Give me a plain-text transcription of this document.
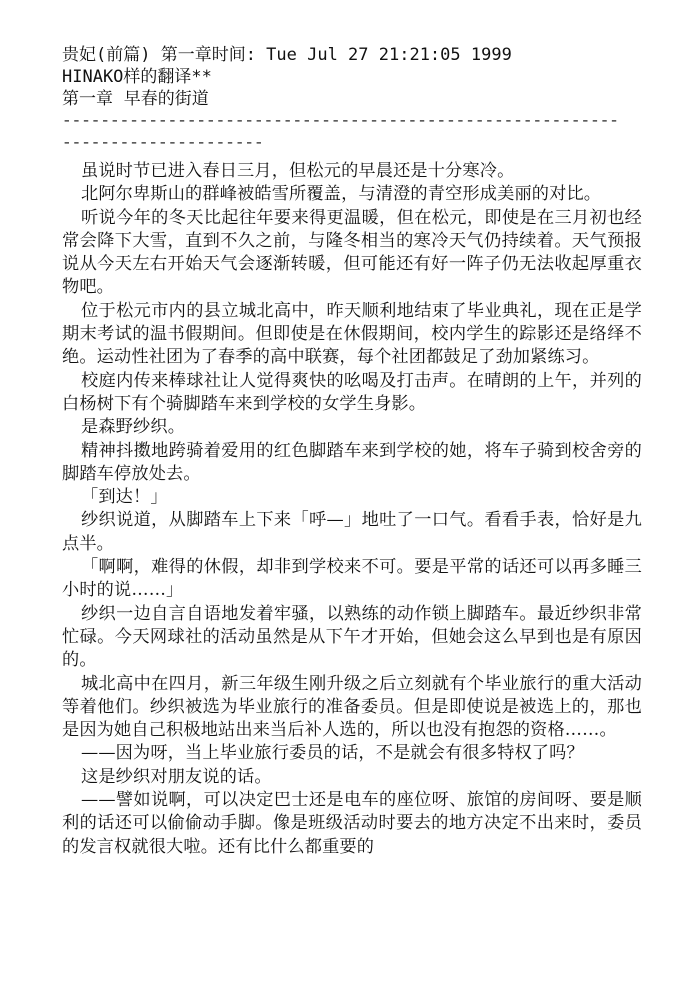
贵妃(前篇) 第一章时间: Tue Jul 27 21:21:05 1999
HINAKO样的翻译**
第一章  早春的街道
----------------------------------------------------------
---------------------

虽说时节已进入春日三月，但松元的早晨还是十分寒冷。

北阿尔卑斯山的群峰被皓雪所覆盖，与清澄的青空形成美丽的对比。

听说今年的冬天比起往年要来得更温暖，但在松元，即使是在三月初也经常会降下大雪，直到不久之前，与隆冬相当的寒冷天气仍持续着。天气预报说从今天左右开始天气会逐渐转暖，但可能还有好一阵子仍无法收起厚重衣物吧。

位于松元市内的县立城北高中，昨天顺利地结束了毕业典礼，现在正是学期末考试的温书假期间。但即使是在休假期间，校内学生的踪影还是络绎不绝。运动性社团为了春季的高中联赛，每个社团都鼓足了劲加紧练习。

校庭内传来棒球社让人觉得爽快的吆喝及打击声。在晴朗的上午，并列的白杨树下有个骑脚踏车来到学校的女学生身影。

是森野纱织。

精神抖擞地跨骑着爱用的红色脚踏车来到学校的她，将车子骑到校舍旁的脚踏车停放处去。

「到达！」

纱织说道，从脚踏车上下来「呼—」地吐了一口气。看看手表，恰好是九点半。

「啊啊，难得的休假，却非到学校来不可。要是平常的话还可以再多睡三小时的说……」

纱织一边自言自语地发着牢骚，以熟练的动作锁上脚踏车。最近纱织非常忙碌。今天网球社的活动虽然是从下午才开始，但她会这么早到也是有原因的。

城北高中在四月，新三年级生刚升级之后立刻就有个毕业旅行的重大活动等着他们。纱织被选为毕业旅行的准备委员。但是即使说是被选上的，那也是因为她自己积极地站出来当后补人选的，所以也没有抱怨的资格……。

——因为呀，当上毕业旅行委员的话，不是就会有很多特权了吗？

这是纱织对朋友说的话。

——譬如说啊，可以决定巴士还是电车的座位呀、旅馆的房间呀、要是顺利的话还可以偷偷动手脚。像是班级活动时要去的地方决定不出来时，委员的发言权就很大啦。还有比什么都重要的
